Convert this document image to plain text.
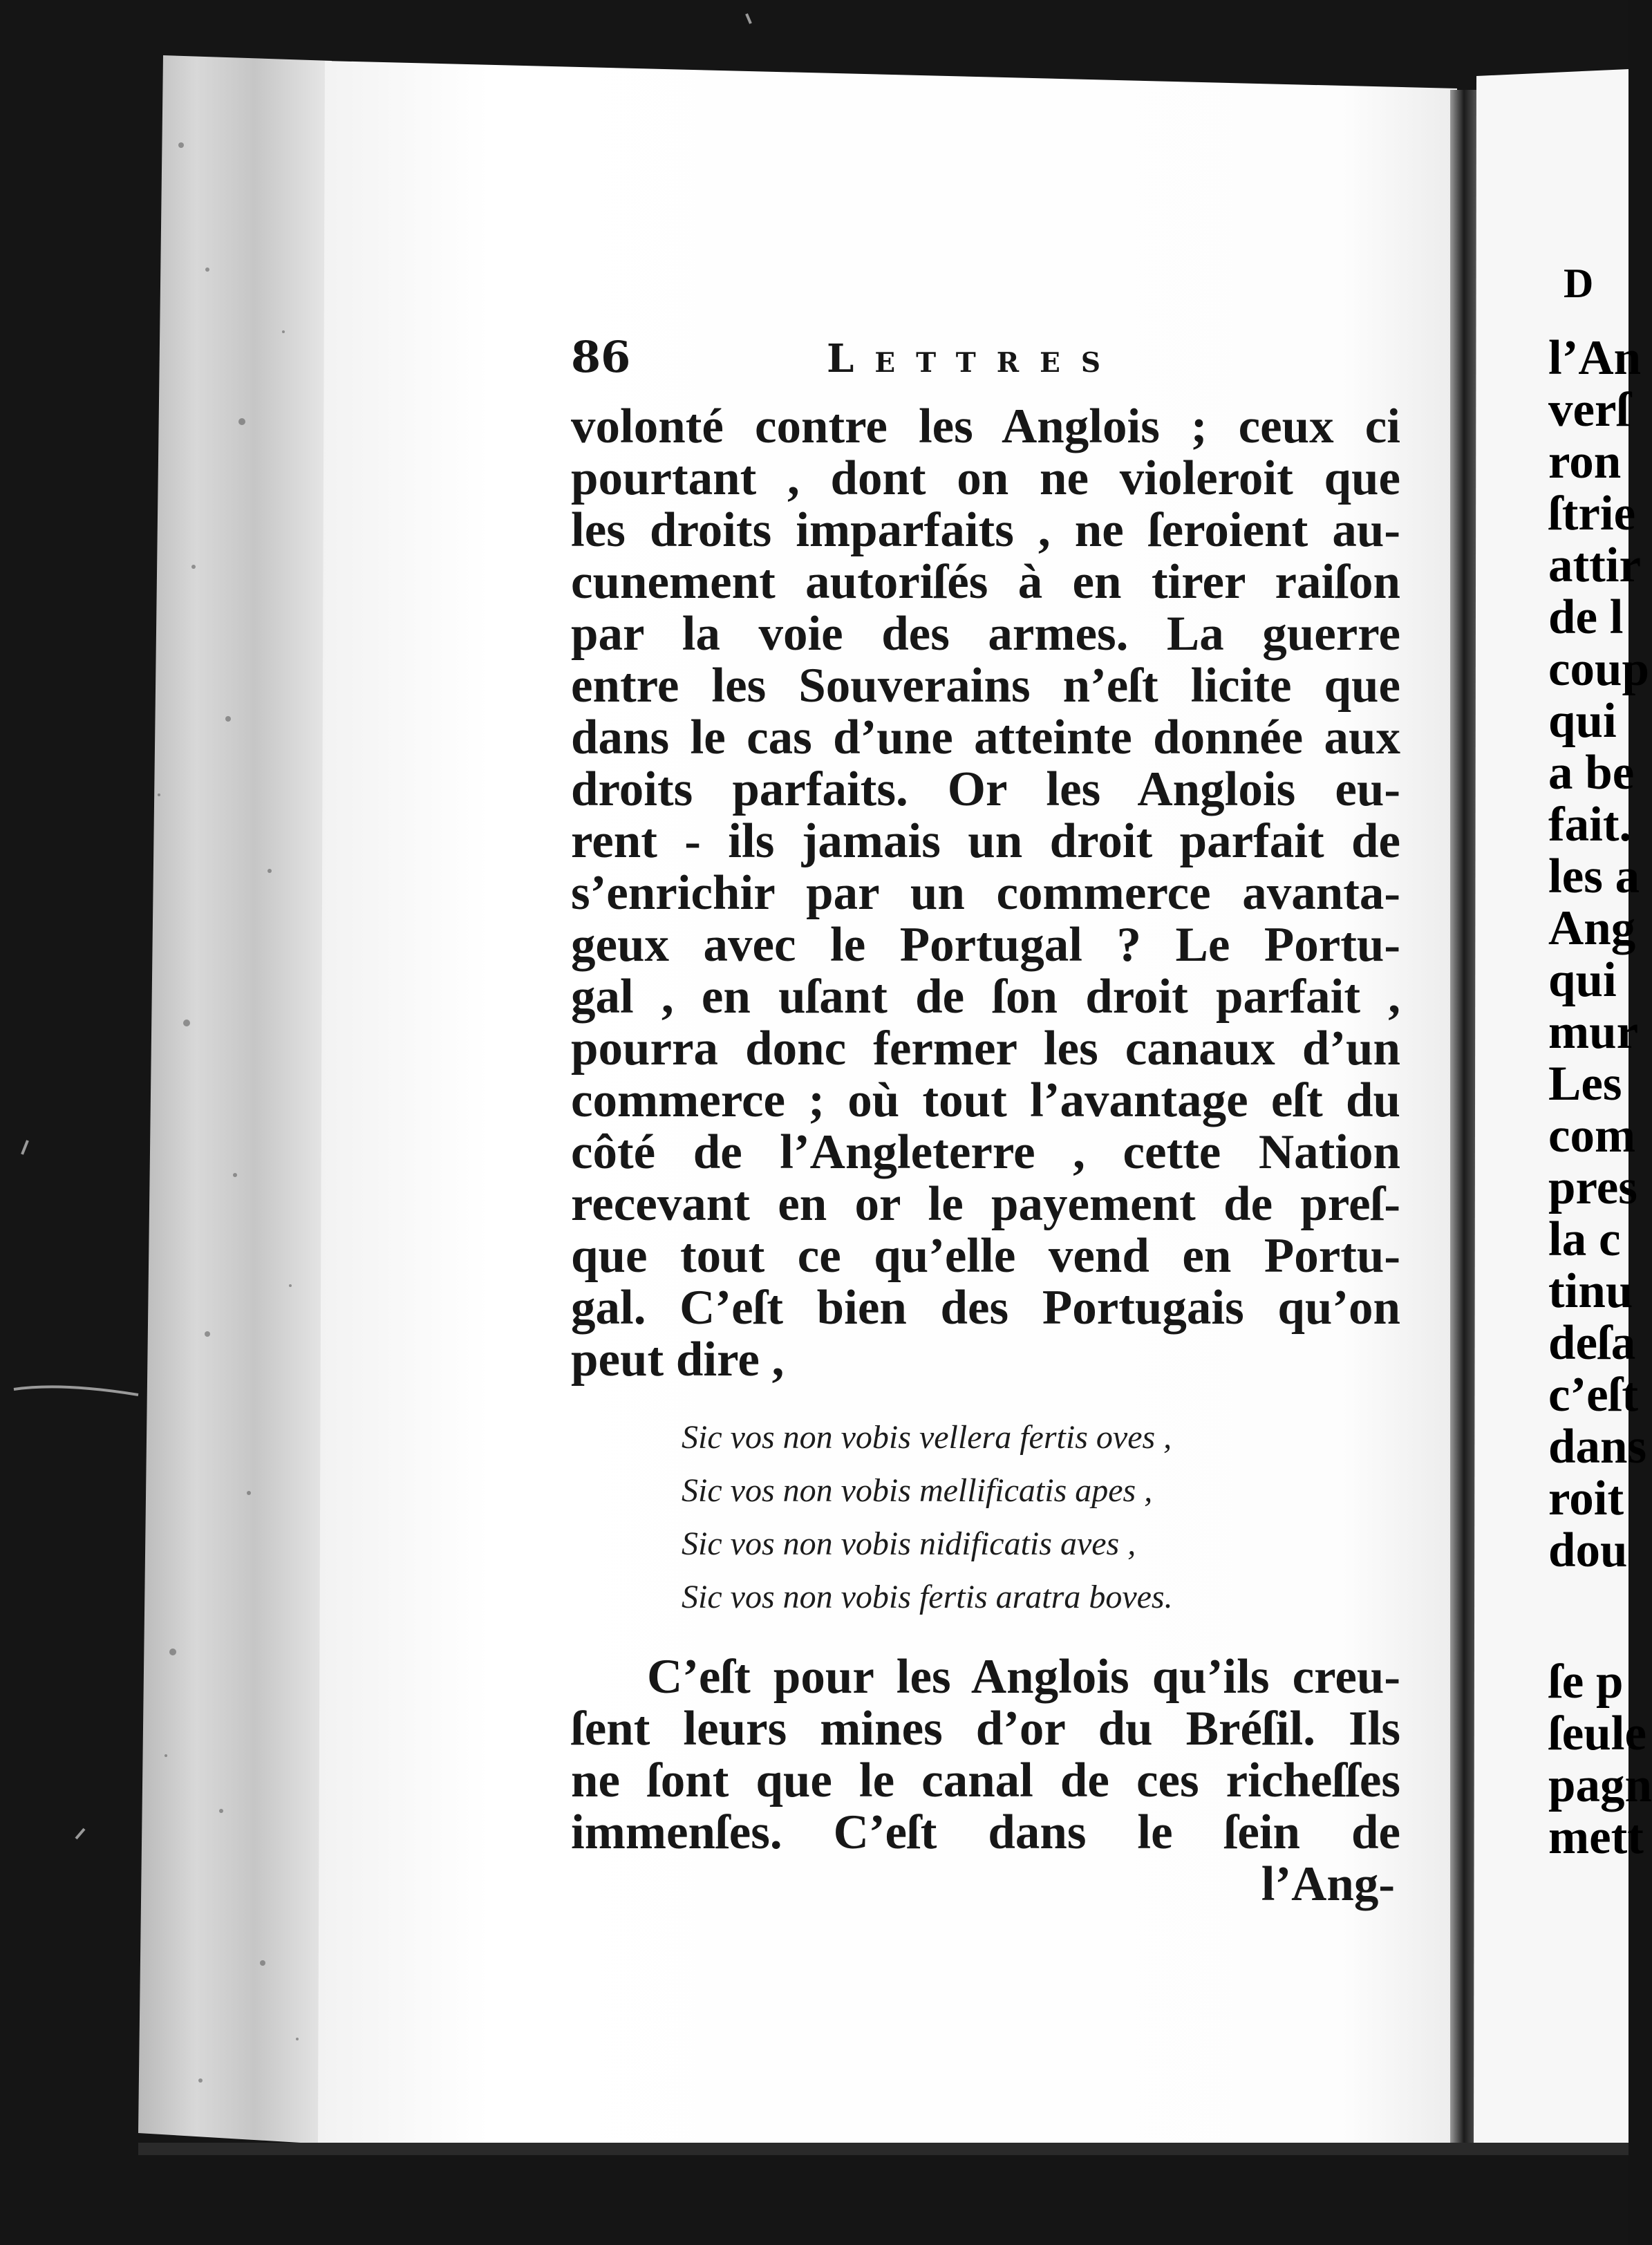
86	Lettres
volonté contre les Anglois ; ceux ci
pourtant , dont on ne violeroit que
les droits imparfaits , ne ſeroient au-
cunement autoriſés à en tirer raiſon
par la voie des armes. La guerre
entre les Souverains n’eſt licite que
dans le cas d’une atteinte donnée aux
droits parfaits. Or les Anglois eu-
rent - ils jamais un droit parfait de
s’enrichir par un commerce avanta-
geux avec le Portugal ? Le Portu-
gal , en uſant de ſon droit parfait ,
pourra donc fermer les canaux d’un
commerce ; où tout l’avantage eſt du
côté de l’Angleterre , cette Nation
recevant en or le payement de preſ-
que tout ce qu’elle vend en Portu-
gal. C’eſt bien des Portugais qu’on
peut dire ,
Sic vos non vobis vellera fertis oves ,
Sic vos non vobis mellificatis apes ,
Sic vos non vobis nidificatis aves ,
Sic vos non vobis fertis aratra boves.
C’eſt pour les Anglois qu’ils creu-
ſent leurs mines d’or du Bréſil. Ils
ne ſont que le canal de ces richeſſes
immenſes. C’eſt dans le ſein de
l’Ang-
D
l’An
verſ
ron
ſtrie
attir
de l
coup
qui
a be
fait.
les a
Ang
qui
mur
Les
com
pres
la c
tinu
deſa
c’eſt
dans
roit
dou
ſe p
ſeule
pagn
mett
